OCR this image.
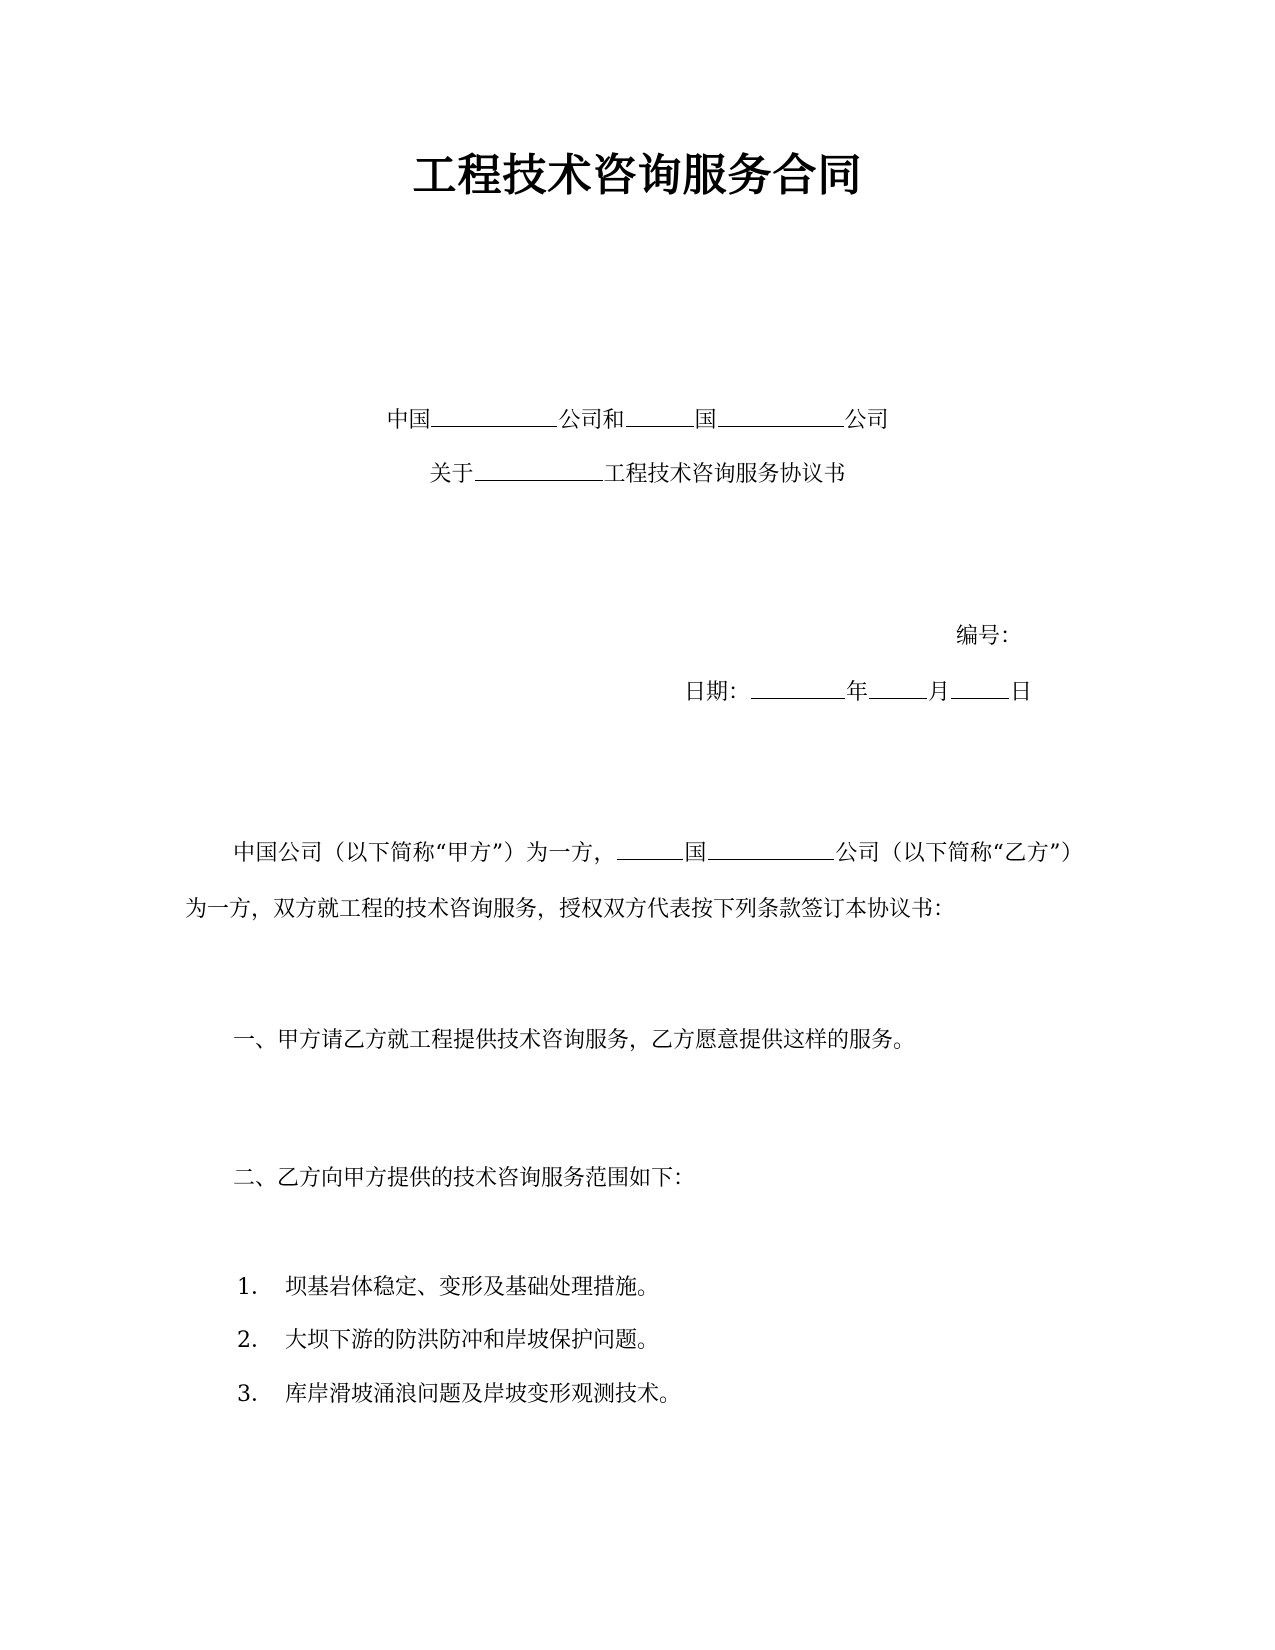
工程技术咨询服务合同
中国	公司和	国	公司
关于	工程技术咨询服务协议书
编号：
日期：	年	月	日
中国公司（以下简称“甲方”）为一方，	国	公司（以下简称“乙方”）为一方，双方就工程的技术咨询服务，授权双方代表按下列条款签订本协议书：
一、甲方请乙方就工程提供技术咨询服务，乙方愿意提供这样的服务。
二、乙方向甲方提供的技术咨询服务范围如下：
1． 坝基岩体稳定、变形及基础处理措施。
2． 大坝下游的防洪防冲和岸坡保护问题。
3． 库岸滑坡涌浪问题及岸坡变形观测技术。
